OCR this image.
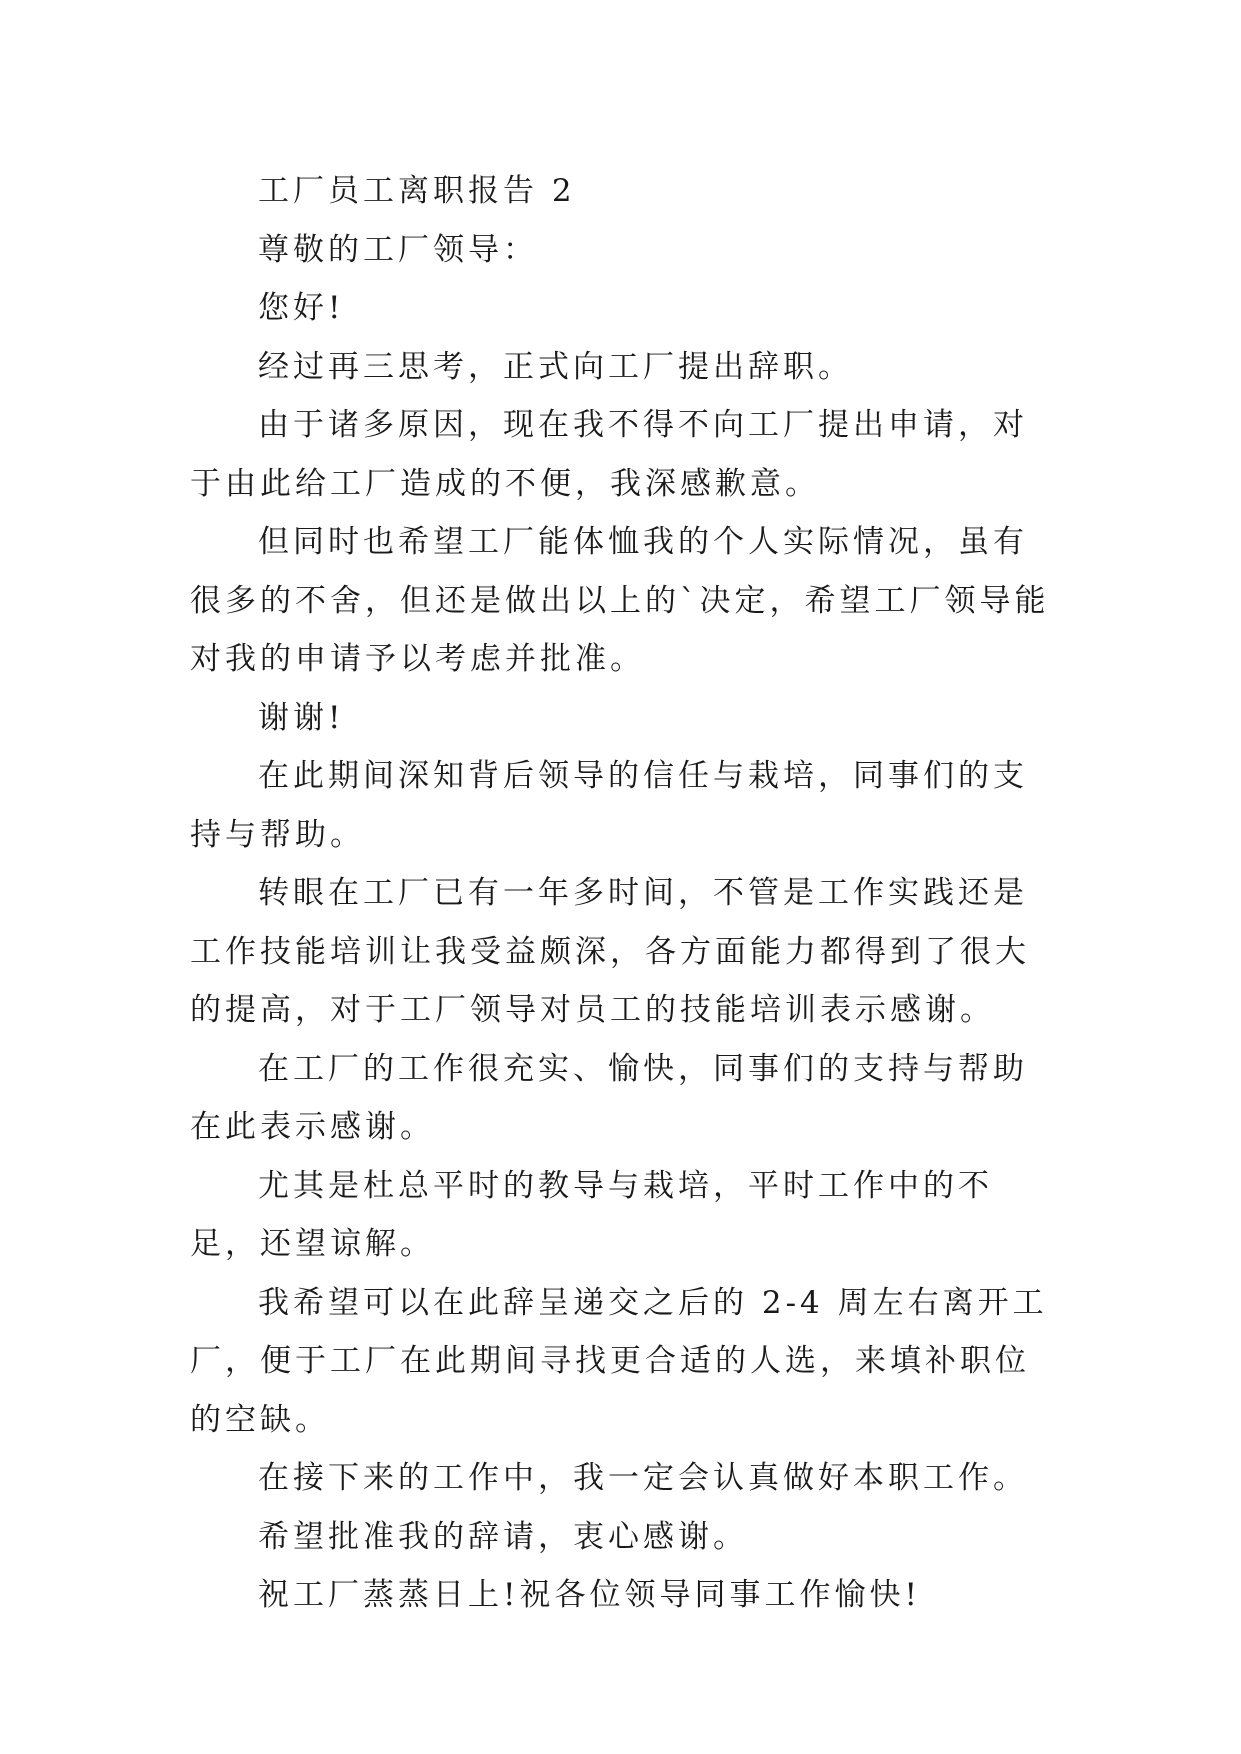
工厂员工离职报告 2

尊敬的工厂领导：

您好!

经过再三思考，正式向工厂提出辞职。

由于诸多原因，现在我不得不向工厂提出申请，对于由此给工厂造成的不便，我深感歉意。

但同时也希望工厂能体恤我的个人实际情况，虽有很多的不舍，但还是做出以上的`决定，希望工厂领导能对我的申请予以考虑并批准。

谢谢!

在此期间深知背后领导的信任与栽培，同事们的支持与帮助。

转眼在工厂已有一年多时间，不管是工作实践还是工作技能培训让我受益颇深，各方面能力都得到了很大的提高，对于工厂领导对员工的技能培训表示感谢。

在工厂的工作很充实、愉快，同事们的支持与帮助在此表示感谢。

尤其是杜总平时的教导与栽培，平时工作中的不足，还望谅解。

我希望可以在此辞呈递交之后的 2-4 周左右离开工厂，便于工厂在此期间寻找更合适的人选，来填补职位的空缺。

在接下来的工作中，我一定会认真做好本职工作。

希望批准我的辞请，衷心感谢。

祝工厂蒸蒸日上!祝各位领导同事工作愉快!
